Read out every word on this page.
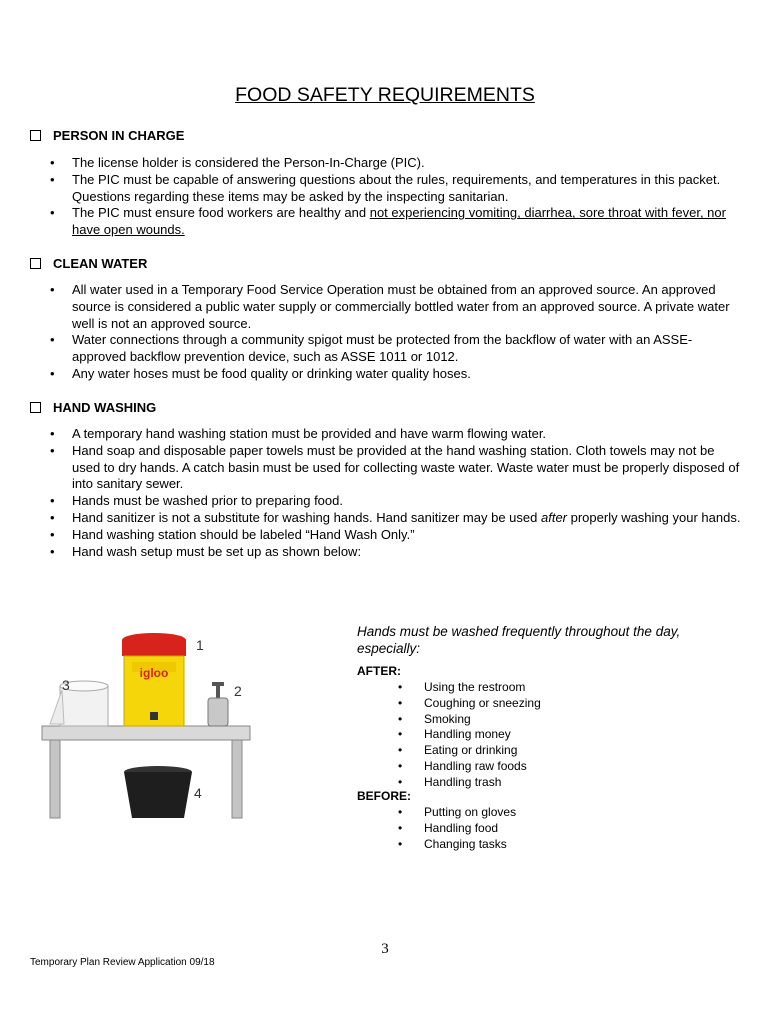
FOOD SAFETY REQUIREMENTS
PERSON IN CHARGE
• The license holder is considered the Person-In-Charge (PIC).
• The PIC must be capable of answering questions about the rules, requirements, and temperatures in this packet. Questions regarding these items may be asked by the inspecting sanitarian.
• The PIC must ensure food workers are healthy and not experiencing vomiting, diarrhea, sore throat with fever, nor have open wounds.
CLEAN WATER
• All water used in a Temporary Food Service Operation must be obtained from an approved source. An approved source is considered a public water supply or commercially bottled water from an approved source. A private water well is not an approved source.
• Water connections through a community spigot must be protected from the backflow of water with an ASSE-approved backflow prevention device, such as ASSE 1011 or 1012.
• Any water hoses must be food quality or drinking water quality hoses.
HAND WASHING
• A temporary hand washing station must be provided and have warm flowing water.
• Hand soap and disposable paper towels must be provided at the hand washing station. Cloth towels may not be used to dry hands. A catch basin must be used for collecting waste water. Waste water must be properly disposed of into sanitary sewer.
• Hands must be washed prior to preparing food.
• Hand sanitizer is not a substitute for washing hands. Hand sanitizer may be used after properly washing your hands.
• Hand washing station should be labeled “Hand Wash Only.”
• Hand wash setup must be set up as shown below:
igloo
1
2
3
4
Hands must be washed frequently throughout the day, especially:
AFTER:
• Using the restroom
• Coughing or sneezing
• Smoking
• Handling money
• Eating or drinking
• Handling raw foods
• Handling trash
BEFORE:
• Putting on gloves
• Handling food
• Changing tasks
3
Temporary Plan Review Application 09/18
